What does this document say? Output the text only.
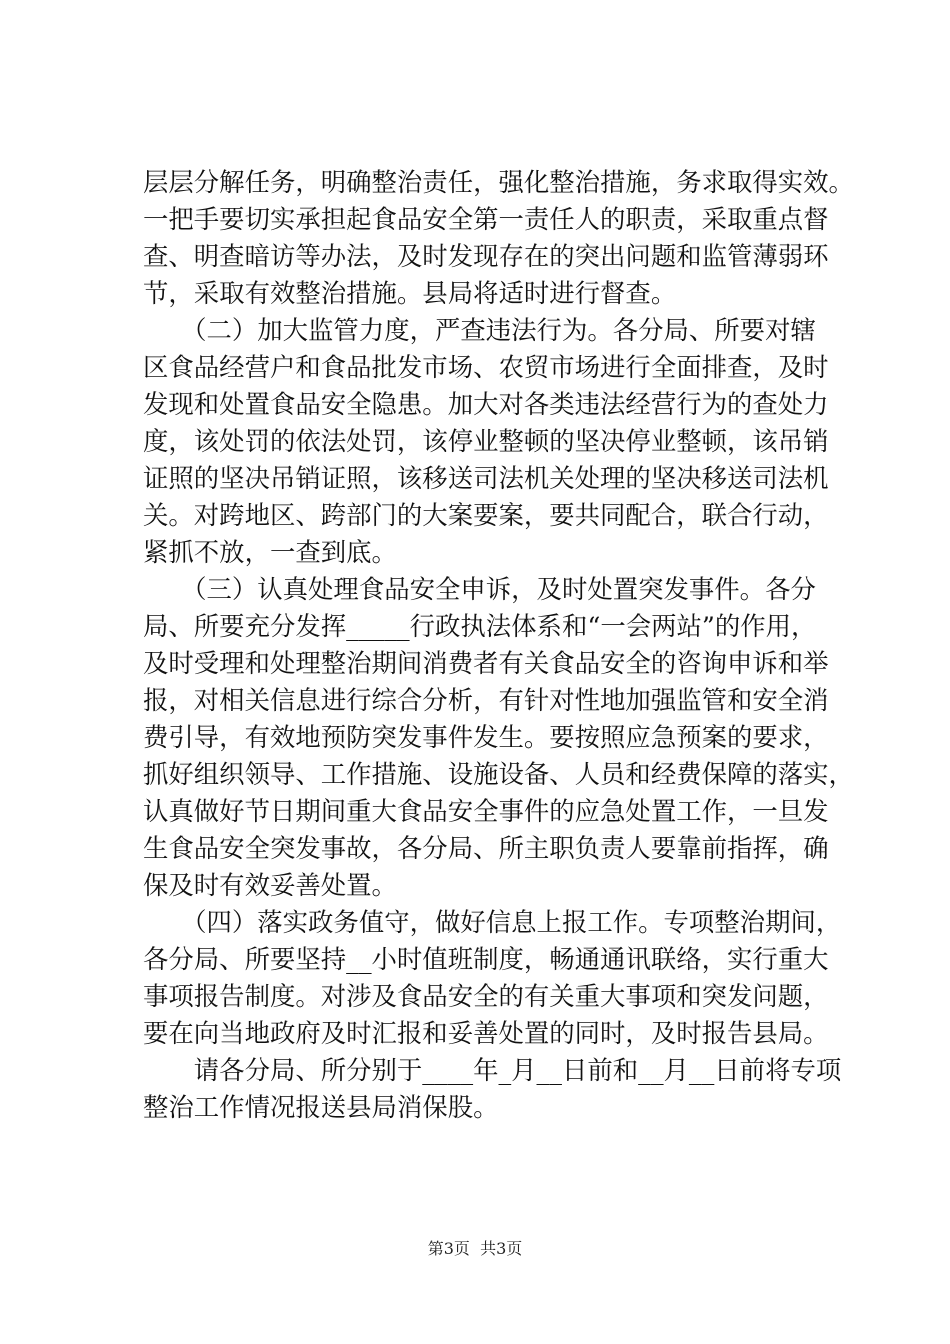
层层分解任务，明确整治责任，强化整治措施，务求取得实效。
一把手要切实承担起食品安全第一责任人的职责，采取重点督
查、明查暗访等办法，及时发现存在的突出问题和监管薄弱环
节，采取有效整治措施。县局将适时进行督查。
　　（二）加大监管力度，严查违法行为。各分局、所要对辖
区食品经营户和食品批发市场、农贸市场进行全面排查，及时
发现和处置食品安全隐患。加大对各类违法经营行为的查处力
度，该处罚的依法处罚，该停业整顿的坚决停业整顿，该吊销
证照的坚决吊销证照，该移送司法机关处理的坚决移送司法机
关。对跨地区、跨部门的大案要案，要共同配合，联合行动，
紧抓不放，一查到底。
　　（三）认真处理食品安全申诉，及时处置突发事件。各分
局、所要充分发挥_____行政执法体系和“一会两站”的作用，
及时受理和处理整治期间消费者有关食品安全的咨询申诉和举
报，对相关信息进行综合分析，有针对性地加强监管和安全消
费引导，有效地预防突发事件发生。要按照应急预案的要求，
抓好组织领导、工作措施、设施设备、人员和经费保障的落实，
认真做好节日期间重大食品安全事件的应急处置工作，一旦发
生食品安全突发事故，各分局、所主职负责人要靠前指挥，确
保及时有效妥善处置。
　　（四）落实政务值守，做好信息上报工作。专项整治期间，
各分局、所要坚持__小时值班制度，畅通通讯联络，实行重大
事项报告制度。对涉及食品安全的有关重大事项和突发问题，
要在向当地政府及时汇报和妥善处置的同时，及时报告县局。
　　请各分局、所分别于____年_月__日前和__月__日前将专项
整治工作情况报送县局消保股。
第3页  共3页
